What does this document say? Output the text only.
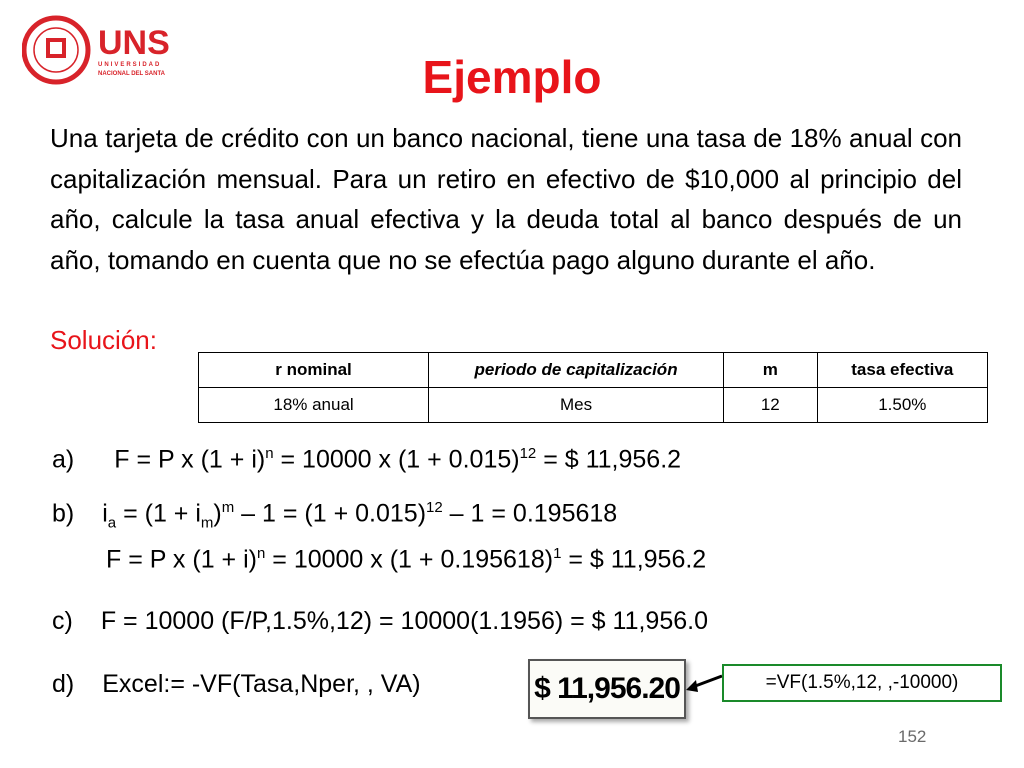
UNS
UNIVERSIDAD
NACIONAL DEL SANTA	Ejemplo
Una tarjeta de crédito con un banco nacional, tiene una tasa de 18% anual con capitalización mensual. Para un retiro en efectivo de $10,000 al principio del año, calcule la tasa anual efectiva y la deuda total al banco después de un año, tomando en cuenta que no se efectúa pago alguno durante el año.
Solución:
r nominal	periodo de capitalización	m	tasa efectiva
18% anual	Mes	12	1.50%
a) F = P x $(1 + i)^n = 10000$ x $(1 + 0.015)^{12}$ = $ 11,956.2
b) $i_a = (1 + i_m)^m - 1 = (1 + 0.015)^{12} - 1 = 0.195618$
F = P x $(1 + i)^n = 10000$ x $(1 + 0.195618)^1$ = $ 11,956.2
c) F = 10000 (F/P,1.5%,12) = 10000(1.1956) = $ 11,956.0
d) Excel:= -VF(Tasa,Nper, , VA)	$ 11,956.20	=VF(1.5%,12, ,-10000)
152
